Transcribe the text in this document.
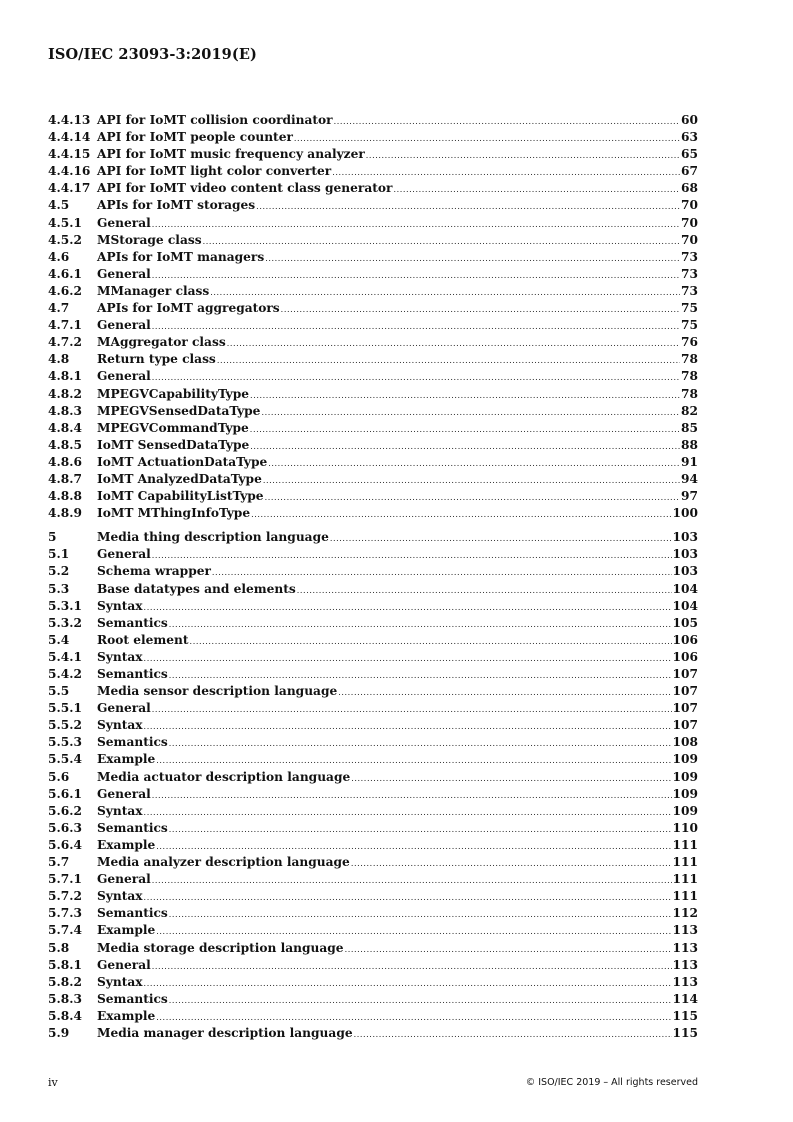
ISO/IEC 23093-3:2019(E)
4.4.13 API for IoMT collision coordinator .....	60
4.4.14 API for IoMT people counter .....	63
4.4.15 API for IoMT music frequency analyzer .....	65
4.4.16 API for IoMT light color converter .....	67
4.4.17 API for IoMT video content class generator .....	68
4.5	APIs for IoMT storages .....	70
4.5.1	General .....	70
4.5.2	MStorage class .....	70
4.6	APIs for IoMT managers .....	73
4.6.1	General .....	73
4.6.2	MManager class .....	73
4.7	APIs for IoMT aggregators .....	75
4.7.1	General .....	75
4.7.2	MAggregator class .....	76
4.8	Return type class .....	78
4.8.1	General .....	78
4.8.2	MPEGVCapabilityType .....	78
4.8.3	MPEGVSensedDataType .....	82
4.8.4	MPEGVCommandType .....	85
4.8.5	IoMT SensedDataType .....	88
4.8.6	IoMT ActuationDataType .....	91
4.8.7	IoMT AnalyzedDataType .....	94
4.8.8	IoMT CapabilityListType .....	97
4.8.9	IoMT MThingInfoType .....	100
5	Media thing description language .....	103
5.1	General .....	103
5.2	Schema wrapper .....	103
5.3	Base datatypes and elements .....	104
5.3.1	Syntax .....	104
5.3.2	Semantics .....	105
5.4	Root element .....	106
5.4.1	Syntax .....	106
5.4.2	Semantics .....	107
5.5	Media sensor description language .....	107
5.5.1	General .....	107
5.5.2	Syntax .....	107
5.5.3	Semantics .....	108
5.5.4	Example .....	109
5.6	Media actuator description language .....	109
5.6.1	General .....	109
5.6.2	Syntax .....	109
5.6.3	Semantics .....	110
5.6.4	Example .....	111
5.7	Media analyzer description language .....	111
5.7.1	General .....	111
5.7.2	Syntax .....	111
5.7.3	Semantics .....	112
5.7.4	Example .....	113
5.8	Media storage description language .....	113
5.8.1	General .....	113
5.8.2	Syntax .....	113
5.8.3	Semantics .....	114
5.8.4	Example .....	115
5.9	Media manager description language .....	115
iv	© ISO/IEC 2019 – All rights reserved
